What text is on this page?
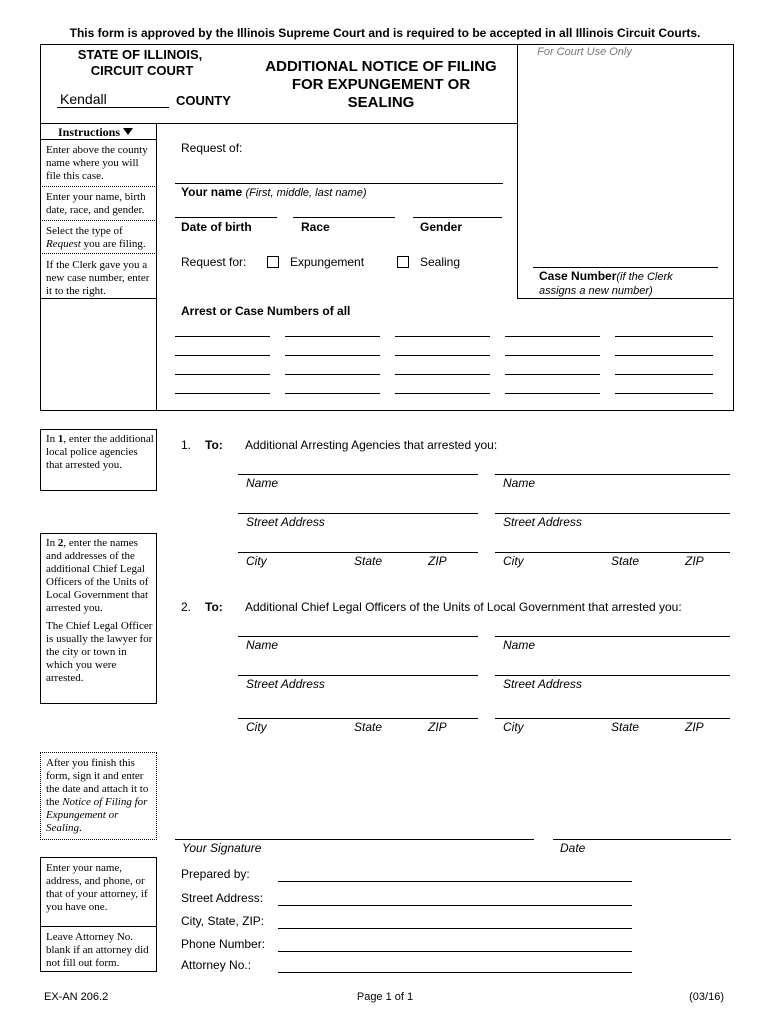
This form is approved by the Illinois Supreme Court and is required to be accepted in all Illinois Circuit Courts.
STATE OF ILLINOIS,
CIRCUIT COURT
Kendall	COUNTY
ADDITIONAL NOTICE OF FILING
FOR EXPUNGEMENT OR
SEALING
For Court Use Only
Instructions
Enter above the county name where you will file this case.
Enter your name, birth date, race, and gender.
Select the type of Request you are filing.
If the Clerk gave you a new case number, enter it to the right.
Request of:
Your name (First, middle, last name)
Date of birth	Race	Gender
Request for:	Expungement	Sealing
Case Number(if the Clerk
assigns a new number)
Arrest or Case Numbers of all
In 1, enter the additional local police agencies that arrested you.
1. To: Additional Arresting Agencies that arrested you:
Name	Name
Street Address	Street Address
City	State	ZIP	City	State	ZIP

In 2, enter the names and addresses of the additional Chief Legal Officers of the Units of Local Government that arrested you.

The Chief Legal Officer is usually the lawyer for the city or town in which you were arrested.

2. To: Additional Chief Legal Officers of the Units of Local Government that arrested you:
Name	Name
Street Address	Street Address
City	State	ZIP	City	State	ZIP
After you finish this form, sign it and enter the date and attach it to the Notice of Filing for Expungement or Sealing.
Your Signature	Date
Enter your name, address, and phone, or that of your attorney, if you have one.
Leave Attorney No. blank if an attorney did not fill out form.
Prepared by:
Street Address:
City, State, ZIP:
Phone Number:
Attorney No.:
EX-AN 206.2	Page 1 of 1	(03/16)
